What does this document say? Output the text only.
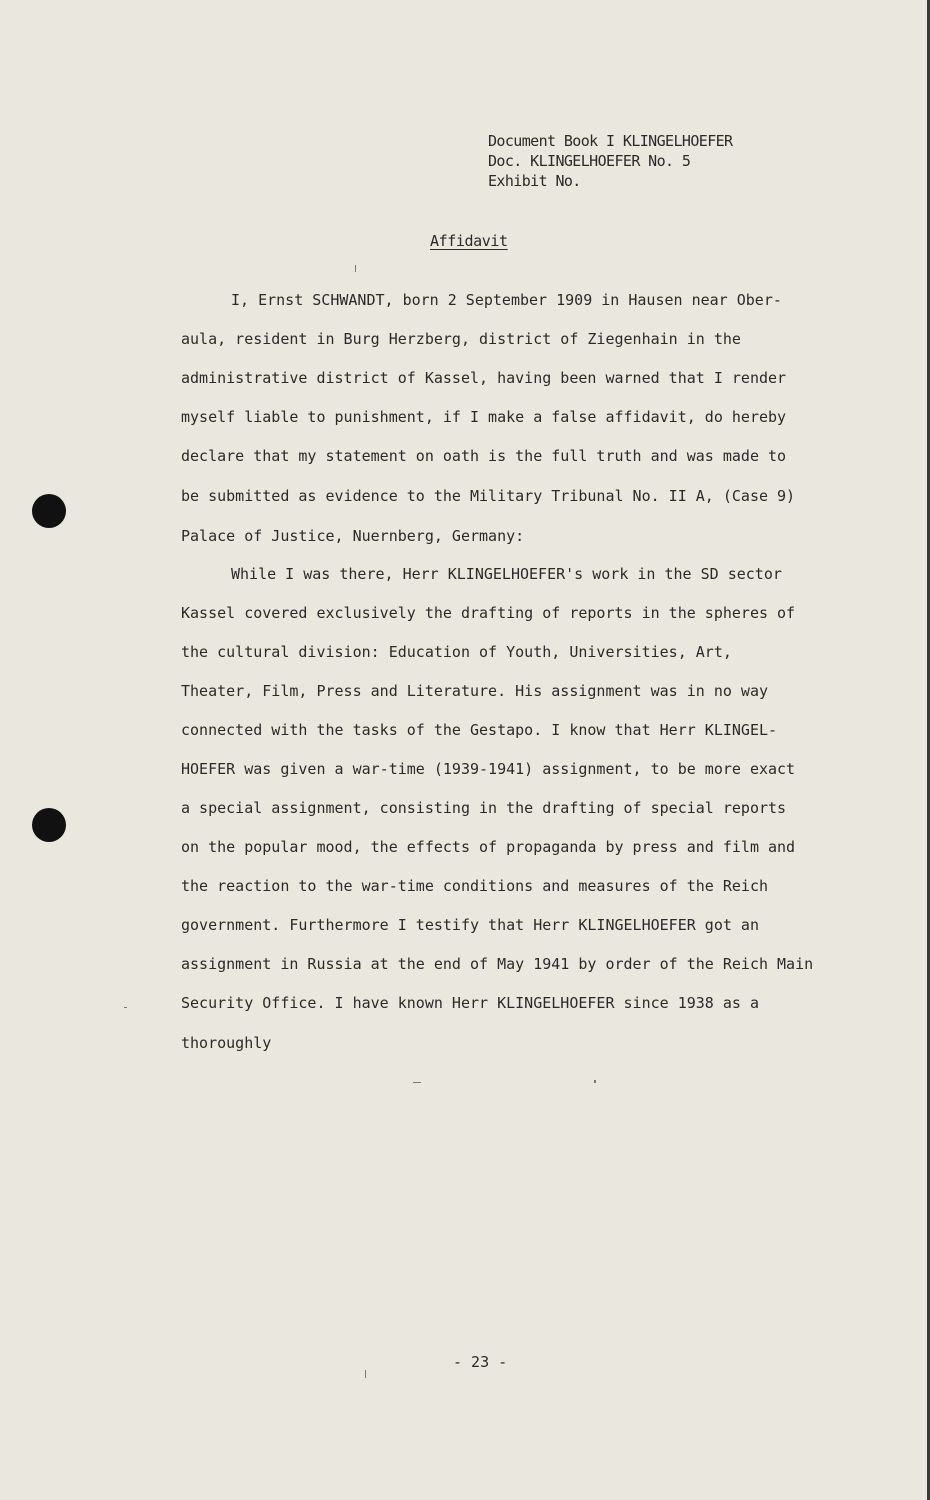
Document Book I KLINGELHOEFER
Doc. KLINGELHOEFER No. 5
Exhibit No.
Affidavit
I, Ernst SCHWANDT, born 2 September 1909 in Hausen near Ober-
aula, resident in Burg Herzberg, district of Ziegenhain in the
administrative district of Kassel, having been warned that I render
myself liable to punishment, if I make a false affidavit, do hereby
declare that my statement on oath is the full truth and was made to
be submitted as evidence to the Military Tribunal No. II A, (Case 9)
Palace of Justice, Nuernberg, Germany:
While I was there, Herr KLINGELHOEFER's work in the SD sector
Kassel covered exclusively the drafting of reports in the spheres of
the cultural division: Education of Youth, Universities, Art,
Theater, Film, Press and Literature. His assignment was in no way
connected with the tasks of the Gestapo. I know that Herr KLINGEL-
HOEFER was given a war-time (1939-1941) assignment, to be more exact
a special assignment, consisting in the drafting of special reports
on the popular mood, the effects of propaganda by press and film and
the reaction to the war-time conditions and measures of the Reich
government. Furthermore I testify that Herr KLINGELHOEFER got an
assignment in Russia at the end of May 1941 by order of the Reich Main
Security Office. I have known Herr KLINGELHOEFER since 1938 as a
thoroughly
- 23 -
